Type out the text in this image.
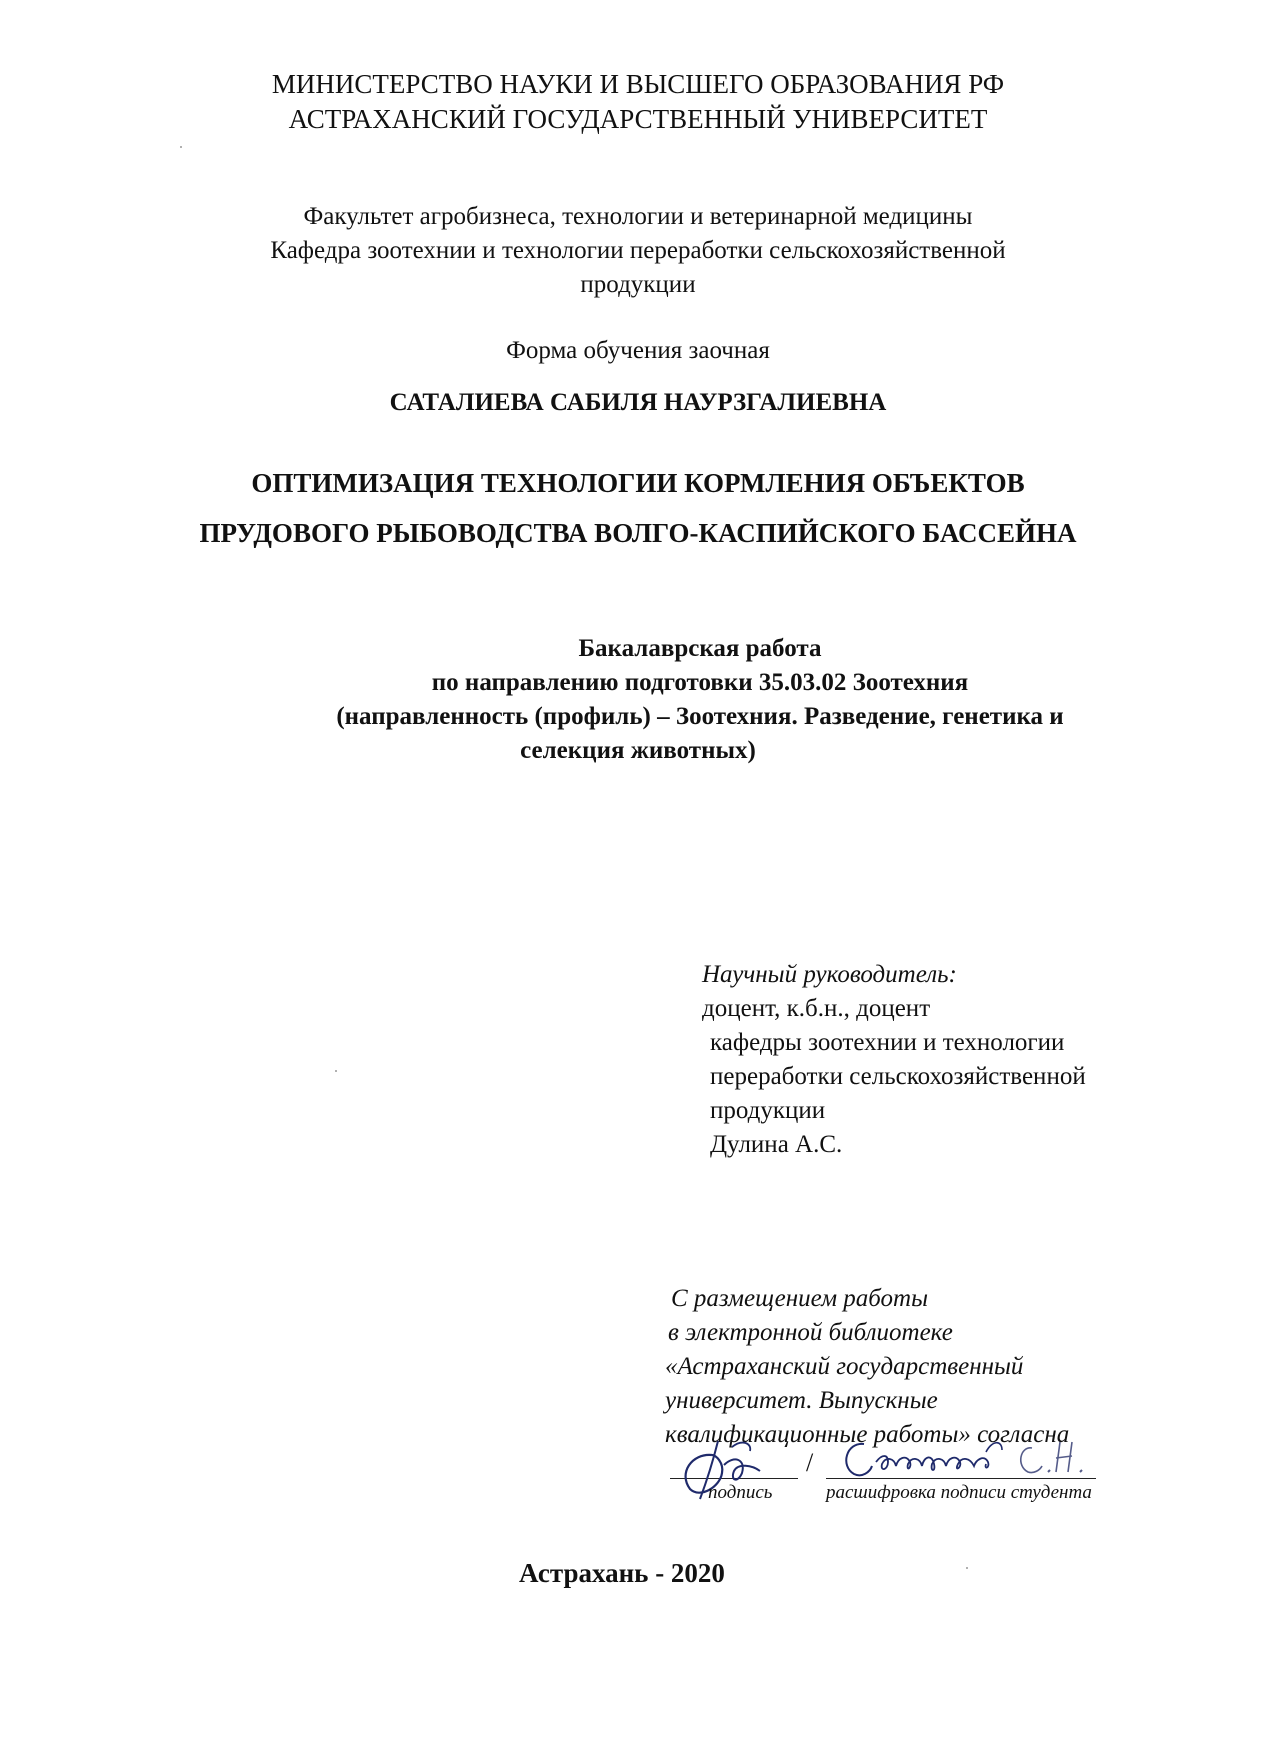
МИНИСТЕРСТВО НАУКИ И ВЫСШЕГО ОБРАЗОВАНИЯ РФ
АСТРАХАНСКИЙ ГОСУДАРСТВЕННЫЙ УНИВЕРСИТЕТ
Факультет агробизнеса, технологии и ветеринарной медицины
Кафедра зоотехнии и технологии переработки сельскохозяйственной
продукции
Форма обучения заочная
САТАЛИЕВА САБИЛЯ НАУРЗГАЛИЕВНА
ОПТИМИЗАЦИЯ ТЕХНОЛОГИИ КОРМЛЕНИЯ ОБЪЕКТОВ
ПРУДОВОГО РЫБОВОДСТВА ВОЛГО-КАСПИЙСКОГО БАССЕЙНА
Бакалаврская работа
по направлению подготовки 35.03.02 Зоотехния
(направленность (профиль) – Зоотехния. Разведение, генетика и
селекция животных)
Научный руководитель:
доцент, к.б.н., доцент
кафедры зоотехнии и технологии
переработки сельскохозяйственной
продукции
Дулина А.С.
С размещением работы
в электронной библиотеке
«Астраханский государственный
университет. Выпускные
квалификационные работы» согласна
/
подпись	расшифровка подписи студента
Астрахань - 2020
